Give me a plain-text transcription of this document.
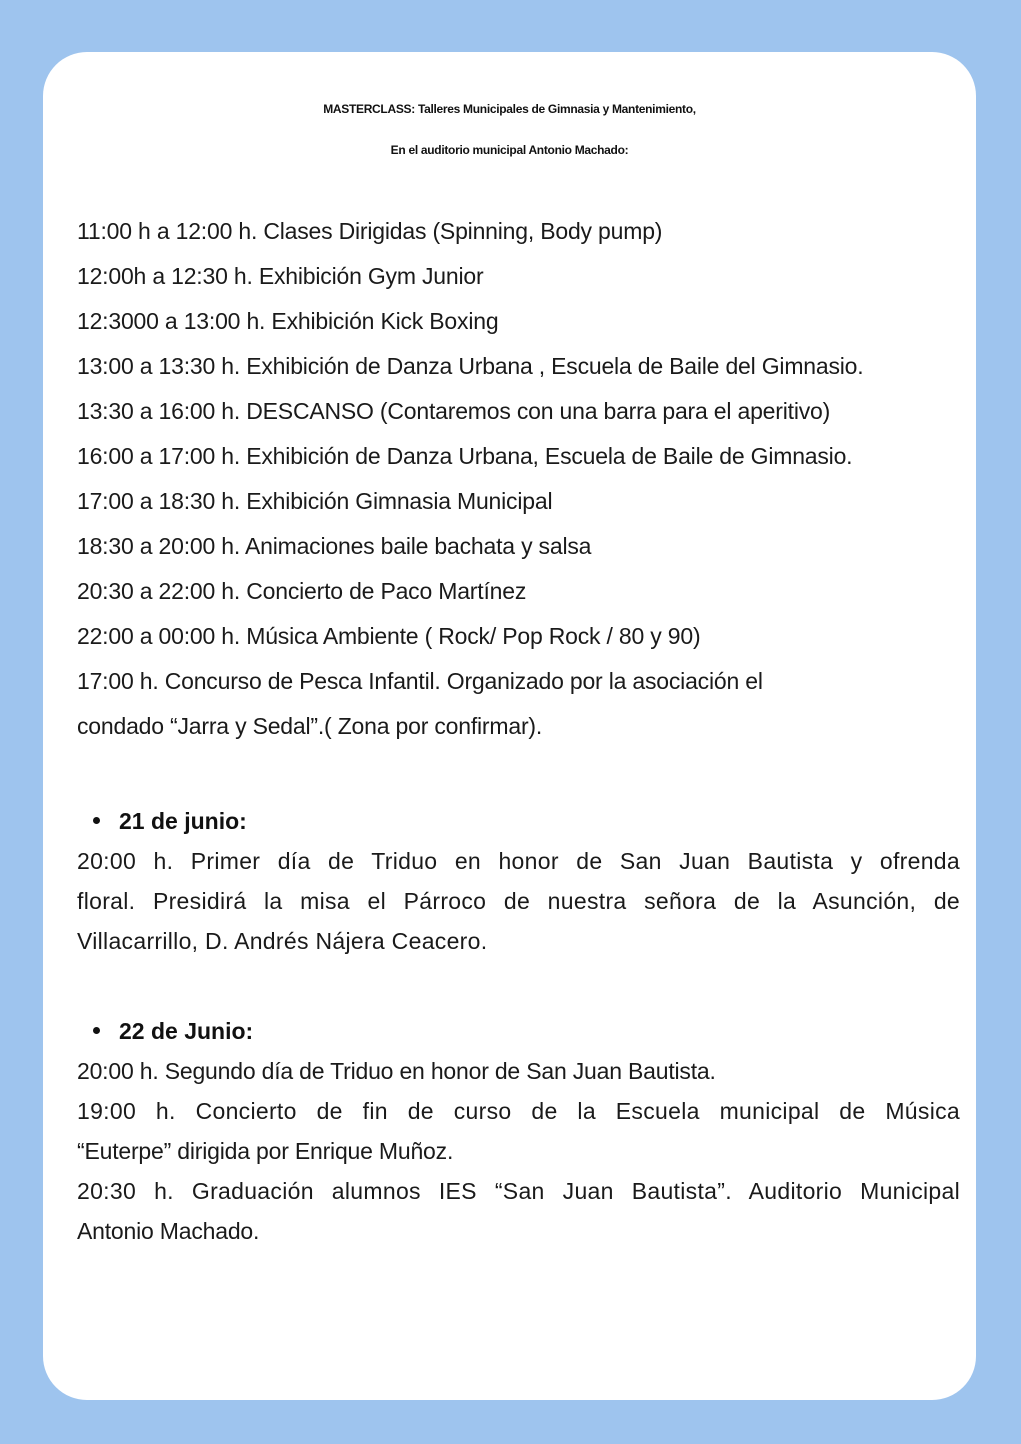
MASTERCLASS: Talleres Municipales de Gimnasia y Mantenimiento,
En el auditorio municipal Antonio Machado:
11:00 h a 12:00 h. Clases Dirigidas (Spinning, Body pump)
12:00h a 12:30 h. Exhibición Gym Junior
12:3000 a 13:00 h. Exhibición Kick Boxing
13:00 a 13:30 h. Exhibición de Danza Urbana , Escuela de Baile del Gimnasio.
13:30 a 16:00 h. DESCANSO (Contaremos con una barra para el aperitivo)
16:00 a 17:00 h. Exhibición de Danza Urbana, Escuela de Baile de Gimnasio.
17:00 a 18:30 h. Exhibición Gimnasia Municipal
18:30 a 20:00 h. Animaciones baile bachata y salsa
20:30 a 22:00 h. Concierto de Paco Martínez
22:00 a 00:00 h. Música Ambiente ( Rock/ Pop Rock / 80 y 90)
17:00 h. Concurso de Pesca Infantil. Organizado por la asociación el
condado “Jarra y Sedal”.( Zona por confirmar).
21 de junio:
20:00 h. Primer día de Triduo en honor de San Juan Bautista y ofrenda
floral. Presidirá la misa el Párroco de nuestra señora de la Asunción, de
Villacarrillo, D. Andrés Nájera Ceacero.
22 de Junio:
20:00 h. Segundo día de Triduo en honor de San Juan Bautista.
19:00 h. Concierto de fin de curso de la Escuela municipal de Música
“Euterpe” dirigida por Enrique Muñoz.
20:30 h. Graduación alumnos IES “San Juan Bautista”. Auditorio Municipal
Antonio Machado.
